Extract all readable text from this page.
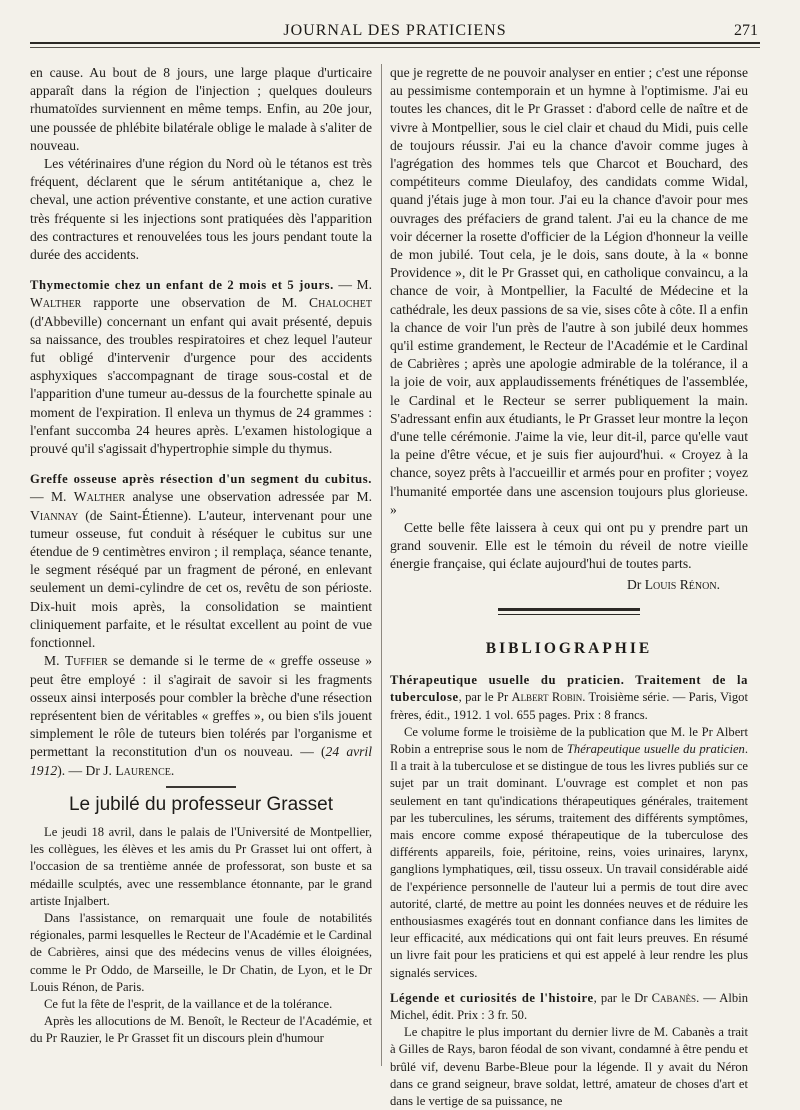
JOURNAL DES PRATICIENS	271

en cause. Au bout de 8 jours, une large plaque d'urticaire apparaît dans la région de l'injection ; quelques douleurs rhumatoïdes surviennent en même temps. Enfin, au 20e jour, une poussée de phlébite bilatérale oblige le malade à s'aliter de nouveau.

Les vétérinaires d'une région du Nord où le tétanos est très fréquent, déclarent que le sérum antitétanique a, chez le cheval, une action préventive constante, et une action curative très fréquente si les injections sont pratiquées dès l'apparition des contractures et renouvelées tous les jours pendant toute la durée des accidents.

Thymectomie chez un enfant de 2 mois et 5 jours. — M. Walther rapporte une observation de M. Chalochet (d'Abbeville) concernant un enfant qui avait présenté, depuis sa naissance, des troubles respiratoires et chez lequel l'auteur fut obligé d'intervenir d'urgence pour des accidents asphyxiques s'accompagnant de tirage sous-costal et de l'apparition d'une tumeur au-dessus de la fourchette spinale au moment de l'expiration. Il enleva un thymus de 24 grammes : l'enfant succomba 24 heures après. L'examen histologique a prouvé qu'il s'agissait d'hypertrophie simple du thymus.

Greffe osseuse après résection d'un segment du cubitus. — M. Walther analyse une observation adressée par M. Viannay (de Saint-Étienne). L'auteur, intervenant pour une tumeur osseuse, fut conduit à réséquer le cubitus sur une étendue de 9 centimètres environ ; il remplaça, séance tenante, le segment réséqué par un fragment de péroné, en enlevant seulement un demi-cylindre de cet os, revêtu de son périoste. Dix-huit mois après, la consolidation se maintient cliniquement parfaite, et le résultat excellent au point de vue fonctionnel.

M. Tuffier se demande si le terme de « greffe osseuse » peut être employé : il s'agirait de savoir si les fragments osseux ainsi interposés pour combler la brèche d'une résection représentent bien de véritables « greffes », ou bien s'ils jouent simplement le rôle de tuteurs bien tolérés par l'organisme et permettant la reconstitution d'un os nouveau. — (24 avril 1912). — Dr J. Laurence.

Le jubilé du professeur Grasset

Le jeudi 18 avril, dans le palais de l'Université de Montpellier, les collègues, les élèves et les amis du Pr Grasset lui ont offert, à l'occasion de sa trentième année de professorat, son buste et sa médaille sculptés, avec une ressemblance étonnante, par le grand artiste Injalbert.

Dans l'assistance, on remarquait une foule de notabilités régionales, parmi lesquelles le Recteur de l'Académie et le Cardinal de Cabrières, ainsi que des médecins venus de villes éloignées, comme le Pr Oddo, de Marseille, le Dr Chatin, de Lyon, et le Dr Louis Rénon, de Paris.

Ce fut la fête de l'esprit, de la vaillance et de la tolérance.

Après les allocutions de M. Benoît, le Recteur de l'Académie, et du Pr Rauzier, le Pr Grasset fit un discours plein d'humour

que je regrette de ne pouvoir analyser en entier ; c'est une réponse au pessimisme contemporain et un hymne à l'optimisme. J'ai eu toutes les chances, dit le Pr Grasset : d'abord celle de naître et de vivre à Montpellier, sous le ciel clair et chaud du Midi, puis celle de toujours réussir. J'ai eu la chance d'avoir comme juges à l'agrégation des hommes tels que Charcot et Bouchard, des compétiteurs comme Dieulafoy, des candidats comme Widal, quand j'étais juge à mon tour. J'ai eu la chance d'avoir pour mes ouvrages des préfaciers de grand talent. J'ai eu la chance de me voir décerner la rosette d'officier de la Légion d'honneur la veille de mon jubilé. Tout cela, je le dois, sans doute, à la « bonne Providence », dit le Pr Grasset qui, en catholique convaincu, a la chance de voir, à Montpellier, la Faculté de Médecine et la cathédrale, les deux passions de sa vie, sises côte à côte. Il a enfin la chance de voir l'un près de l'autre à son jubilé deux hommes qu'il estime grandement, le Recteur de l'Académie et le Cardinal de Cabrières ; après une apologie admirable de la tolérance, il a la joie de voir, aux applaudissements frénétiques de l'assemblée, le Cardinal et le Recteur se serrer publiquement la main. S'adressant enfin aux étudiants, le Pr Grasset leur montre la leçon d'une telle cérémonie. J'aime la vie, leur dit-il, parce qu'elle vaut la peine d'être vécue, et je suis fier aujourd'hui. « Croyez à la chance, soyez prêts à l'accueillir et armés pour en profiter ; voyez l'humanité emportée dans une ascension toujours plus glorieuse. »

Cette belle fête laissera à ceux qui ont pu y prendre part un grand souvenir. Elle est le témoin du réveil de notre vieille énergie française, qui éclate aujourd'hui de toutes parts.

Dr Louis Rénon.
BIBLIOGRAPHIE

Thérapeutique usuelle du praticien. Traitement de la tuberculose, par le Pr Albert Robin. Troisième série. — Paris, Vigot frères, édit., 1912. 1 vol. 655 pages. Prix : 8 francs.

Ce volume forme le troisième de la publication que M. le Pr Albert Robin a entreprise sous le nom de Thérapeutique usuelle du praticien. Il a trait à la tuberculose et se distingue de tous les livres publiés sur ce sujet par un trait dominant. L'ouvrage est complet et non pas seulement en tant qu'indications thérapeutiques générales, traitement par les tuberculines, les sérums, traitement des différents symptômes, mais encore comme exposé thérapeutique de la tuberculose des différents appareils, foie, péritoine, reins, voies urinaires, larynx, ganglions lymphatiques, œil, tissu osseux. Un travail considérable aidé de l'expérience personnelle de l'auteur lui a permis de tout dire avec autorité, clarté, de mettre au point les données neuves et de réduire les enthousiasmes exagérés tout en donnant confiance dans les limites de leur efficacité, aux médications qui ont fait leurs preuves. En résumé un livre fait pour les praticiens et qui est appelé à leur rendre les plus signalés services.

Légende et curiosités de l'histoire, par le Dr Cabanès. — Albin Michel, édit. Prix : 3 fr. 50.

Le chapitre le plus important du dernier livre de M. Cabanès a trait à Gilles de Rays, baron féodal de son vivant, condamné à être pendu et brûlé vif, devenu Barbe-Bleue pour la légende. Il y avait du Néron dans ce grand seigneur, brave soldat, lettré, amateur de choses d'art et dans le vertige de sa puissance, ne
